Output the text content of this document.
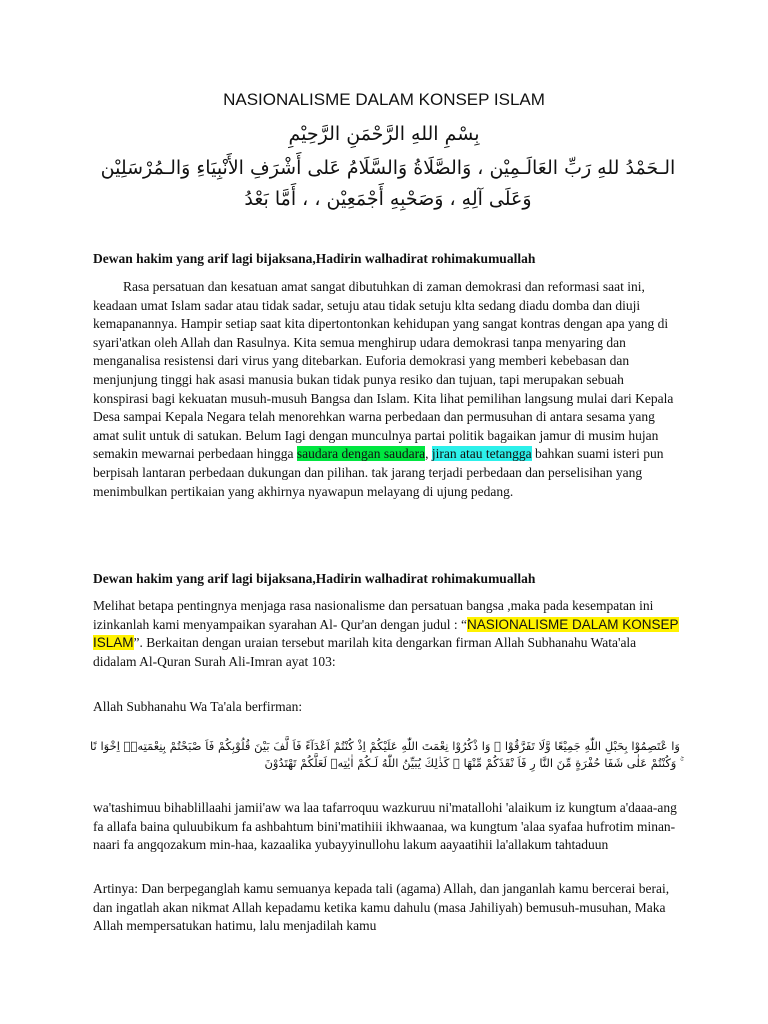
NASIONALISME DALAM KONSEP ISLAM
بِسْمِ اللهِ الرَّحْمَنِ الرَّحِيْمِ
الـحَمْدُ للهِ رَبِّ العَالَـمِيْن ، وَالصَّلَاةُ وَالسَّلَامُ عَلى أَشْرَفِ الأَنْبِيَاءِ وَالـمُرْسَلِيْن وَعَلَى آلِهِ ، وَصَحْبِهِ أَجْمَعِيْن ، ، أَمَّا بَعْدُ
Dewan hakim yang arif lagi bijaksana,Hadirin walhadirat rohimakumuallah
Rasa persatuan dan kesatuan amat sangat dibutuhkan di zaman demokrasi dan reformasi saat ini, keadaan umat Islam sadar atau tidak sadar, setuju atau tidak setuju klta sedang diadu domba dan diuji kemapanannya. Hampir setiap saat kita dipertontonkan kehidupan yang sangat kontras dengan apa yang di syari'atkan oleh Allah dan Rasulnya. Kita semua menghirup udara demokrasi tanpa menyaring dan menganalisa resistensi dari virus yang ditebarkan. Euforia demokrasi yang memberi kebebasan dan menjunjung tinggi hak asasi manusia bukan tidak punya resiko dan tujuan, tapi merupakan sebuah konspirasi bagi kekuatan musuh-musuh Bangsa dan Islam. Kita lihat pemilihan langsung mulai dari Kepala Desa sampai Kepala Negara telah menorehkan warna perbedaan dan permusuhan di antara sesama yang amat sulit untuk di satukan. Belum Iagi dengan munculnya partai politik bagaikan jamur di musim hujan semakin mewarnai perbedaan hingga saudara dengan saudara, jiran atau tetangga bahkan suami isteri pun berpisah lantaran perbedaan dukungan dan pilihan. tak jarang terjadi perbedaan dan perselisihan yang menimbulkan pertikaian yang akhirnya nyawapun melayang di ujung pedang.
Dewan hakim yang arif lagi bijaksana,Hadirin walhadirat rohimakumuallah
Melihat betapa pentingnya menjaga rasa nasionalisme dan persatuan bangsa ,maka pada kesempatan ini izinkanlah kami menyampaikan syarahan Al- Qur'an dengan judul : “NASIONALISME DALAM KONSEP ISLAM”. Berkaitan dengan uraian tersebut marilah kita dengarkan firman Allah Subhanahu Wata'ala didalam Al-Quran Surah Ali-Imran ayat 103:
Allah Subhanahu Wa Ta'ala berfirman:
وَا عْتَصِمُوْا بِحَبْلِ اللّٰهِ جَمِيْعًا وَّلَا تَفَرَّقُوْا ۖ وَا ذْكُرُوْا نِعْمَتَ اللّٰهِ عَلَيْكُمْ اِذْ كُنْتُمْ اَعْدَآءً فَاَ لَّفَ بَيْنَ قُلُوْبِكُمْ فَاَ صْبَحْتُمْ بِنِعْمَتِهٖۤ اِخْوَا نًا ۚ وَكُنْتُمْ عَلٰى شَفَا حُفْرَةٍ مِّنَ النَّا رِ فَاَ نْقَذَكُمْ مِّنْهَا ۗ كَذٰلِكَ يُبَيِّنُ اللّٰهُ لَـكُمْ اٰيٰتِهٖ لَعَلَّكُمْ تَهْتَدُوْنَ
wa'tashimuu bihablillaahi jamii'aw wa laa tafarroquu wazkuruu ni'matallohi 'alaikum iz kungtum a'daaa-ang fa allafa baina quluubikum fa ashbahtum bini'matihiii ikhwaanaa, wa kungtum 'alaa syafaa hufrotim minan-naari fa angqozakum min-haa, kazaalika yubayyinullohu lakum aayaatihii la'allakum tahtaduun
Artinya: Dan berpeganglah kamu semuanya kepada tali (agama) Allah, dan janganlah kamu bercerai berai, dan ingatlah akan nikmat Allah kepadamu ketika kamu dahulu (masa Jahiliyah) bemusuh-musuhan, Maka Allah mempersatukan hatimu, lalu menjadilah kamu
